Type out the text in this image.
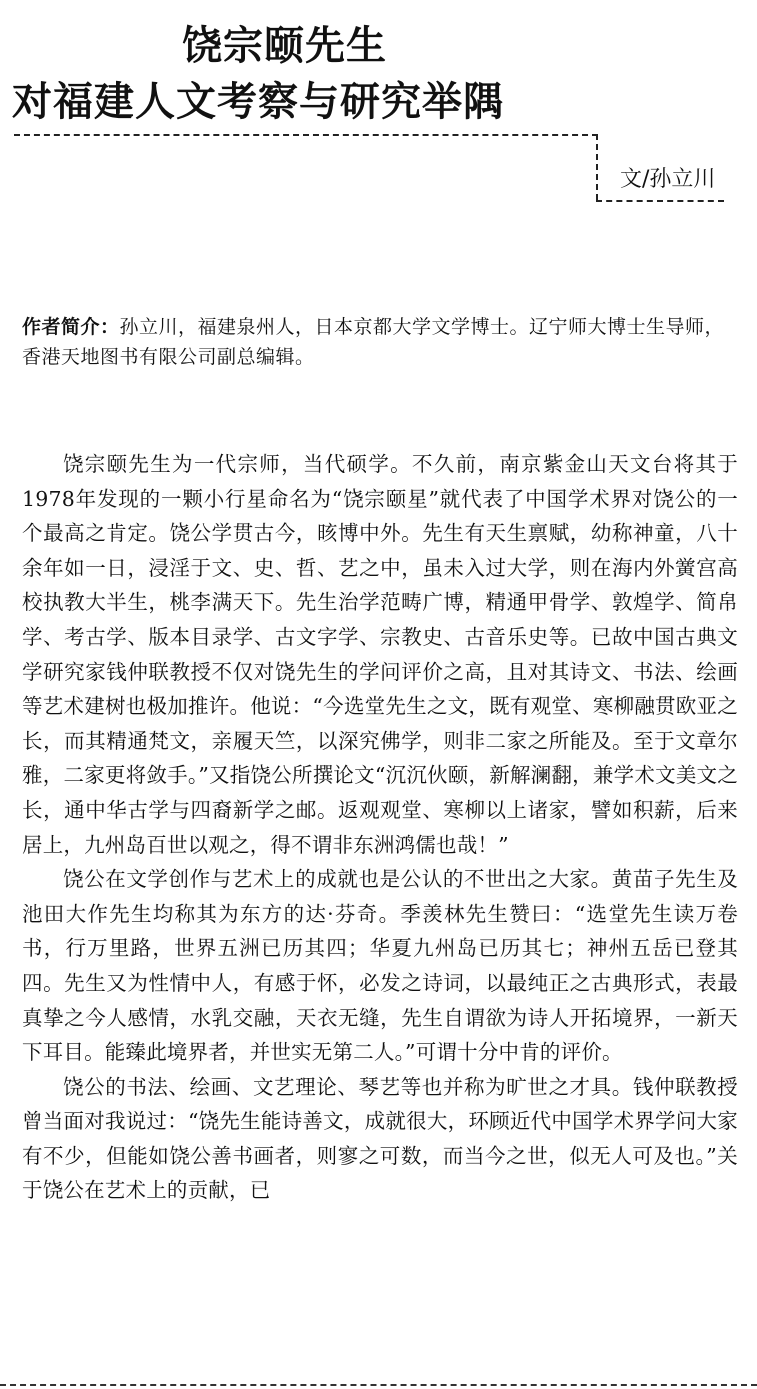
饶宗颐先生
对福建人文考察与研究举隅
文/孙立川
作者简介：孙立川，福建泉州人，日本京都大学文学博士。辽宁师大博士生导师，香港天地图书有限公司副总编辑。

饶宗颐先生为一代宗师，当代硕学。不久前，南京紫金山天文台将其于1978年发现的一颗小行星命名为“饶宗颐星”就代表了中国学术界对饶公的一个最高之肯定。饶公学贯古今，晐博中外。先生有天生禀赋，幼称神童，八十余年如一日，浸淫于文、史、哲、艺之中，虽未入过大学，则在海内外黉宫高校执教大半生，桃李满天下。先生治学范畴广博，精通甲骨学、敦煌学、简帛学、考古学、版本目录学、古文字学、宗教史、古音乐史等。已故中国古典文学研究家钱仲联教授不仅对饶先生的学问评价之高，且对其诗文、书法、绘画等艺术建树也极加推许。他说：“今选堂先生之文，既有观堂、寒柳融贯欧亚之长，而其精通梵文，亲履天竺，以深究佛学，则非二家之所能及。至于文章尔雅，二家更将敛手。”又指饶公所撰论文“沉沉伙颐，新解澜翻，兼学术文美文之长，通中华古学与四裔新学之邮。返观观堂、寒柳以上诸家，譬如积薪，后来居上，九州岛百世以观之，得不谓非东洲鸿儒也哉！”

饶公在文学创作与艺术上的成就也是公认的不世出之大家。黄苗子先生及池田大作先生均称其为东方的达·芬奇。季羡林先生赞曰：“选堂先生读万卷书，行万里路，世界五洲已历其四；华夏九州岛已历其七；神州五岳已登其四。先生又为性情中人，有感于怀，必发之诗词，以最纯正之古典形式，表最真挚之今人感情，水乳交融，天衣无缝，先生自谓欲为诗人开拓境界，一新天下耳目。能臻此境界者，并世实无第二人。”可谓十分中肯的评价。

饶公的书法、绘画、文艺理论、琴艺等也并称为旷世之才具。钱仲联教授曾当面对我说过：“饶先生能诗善文，成就很大，环顾近代中国学术界学问大家有不少，但能如饶公善书画者，则寥之可数，而当今之世，似无人可及也。”关于饶公在艺术上的贡献，已
